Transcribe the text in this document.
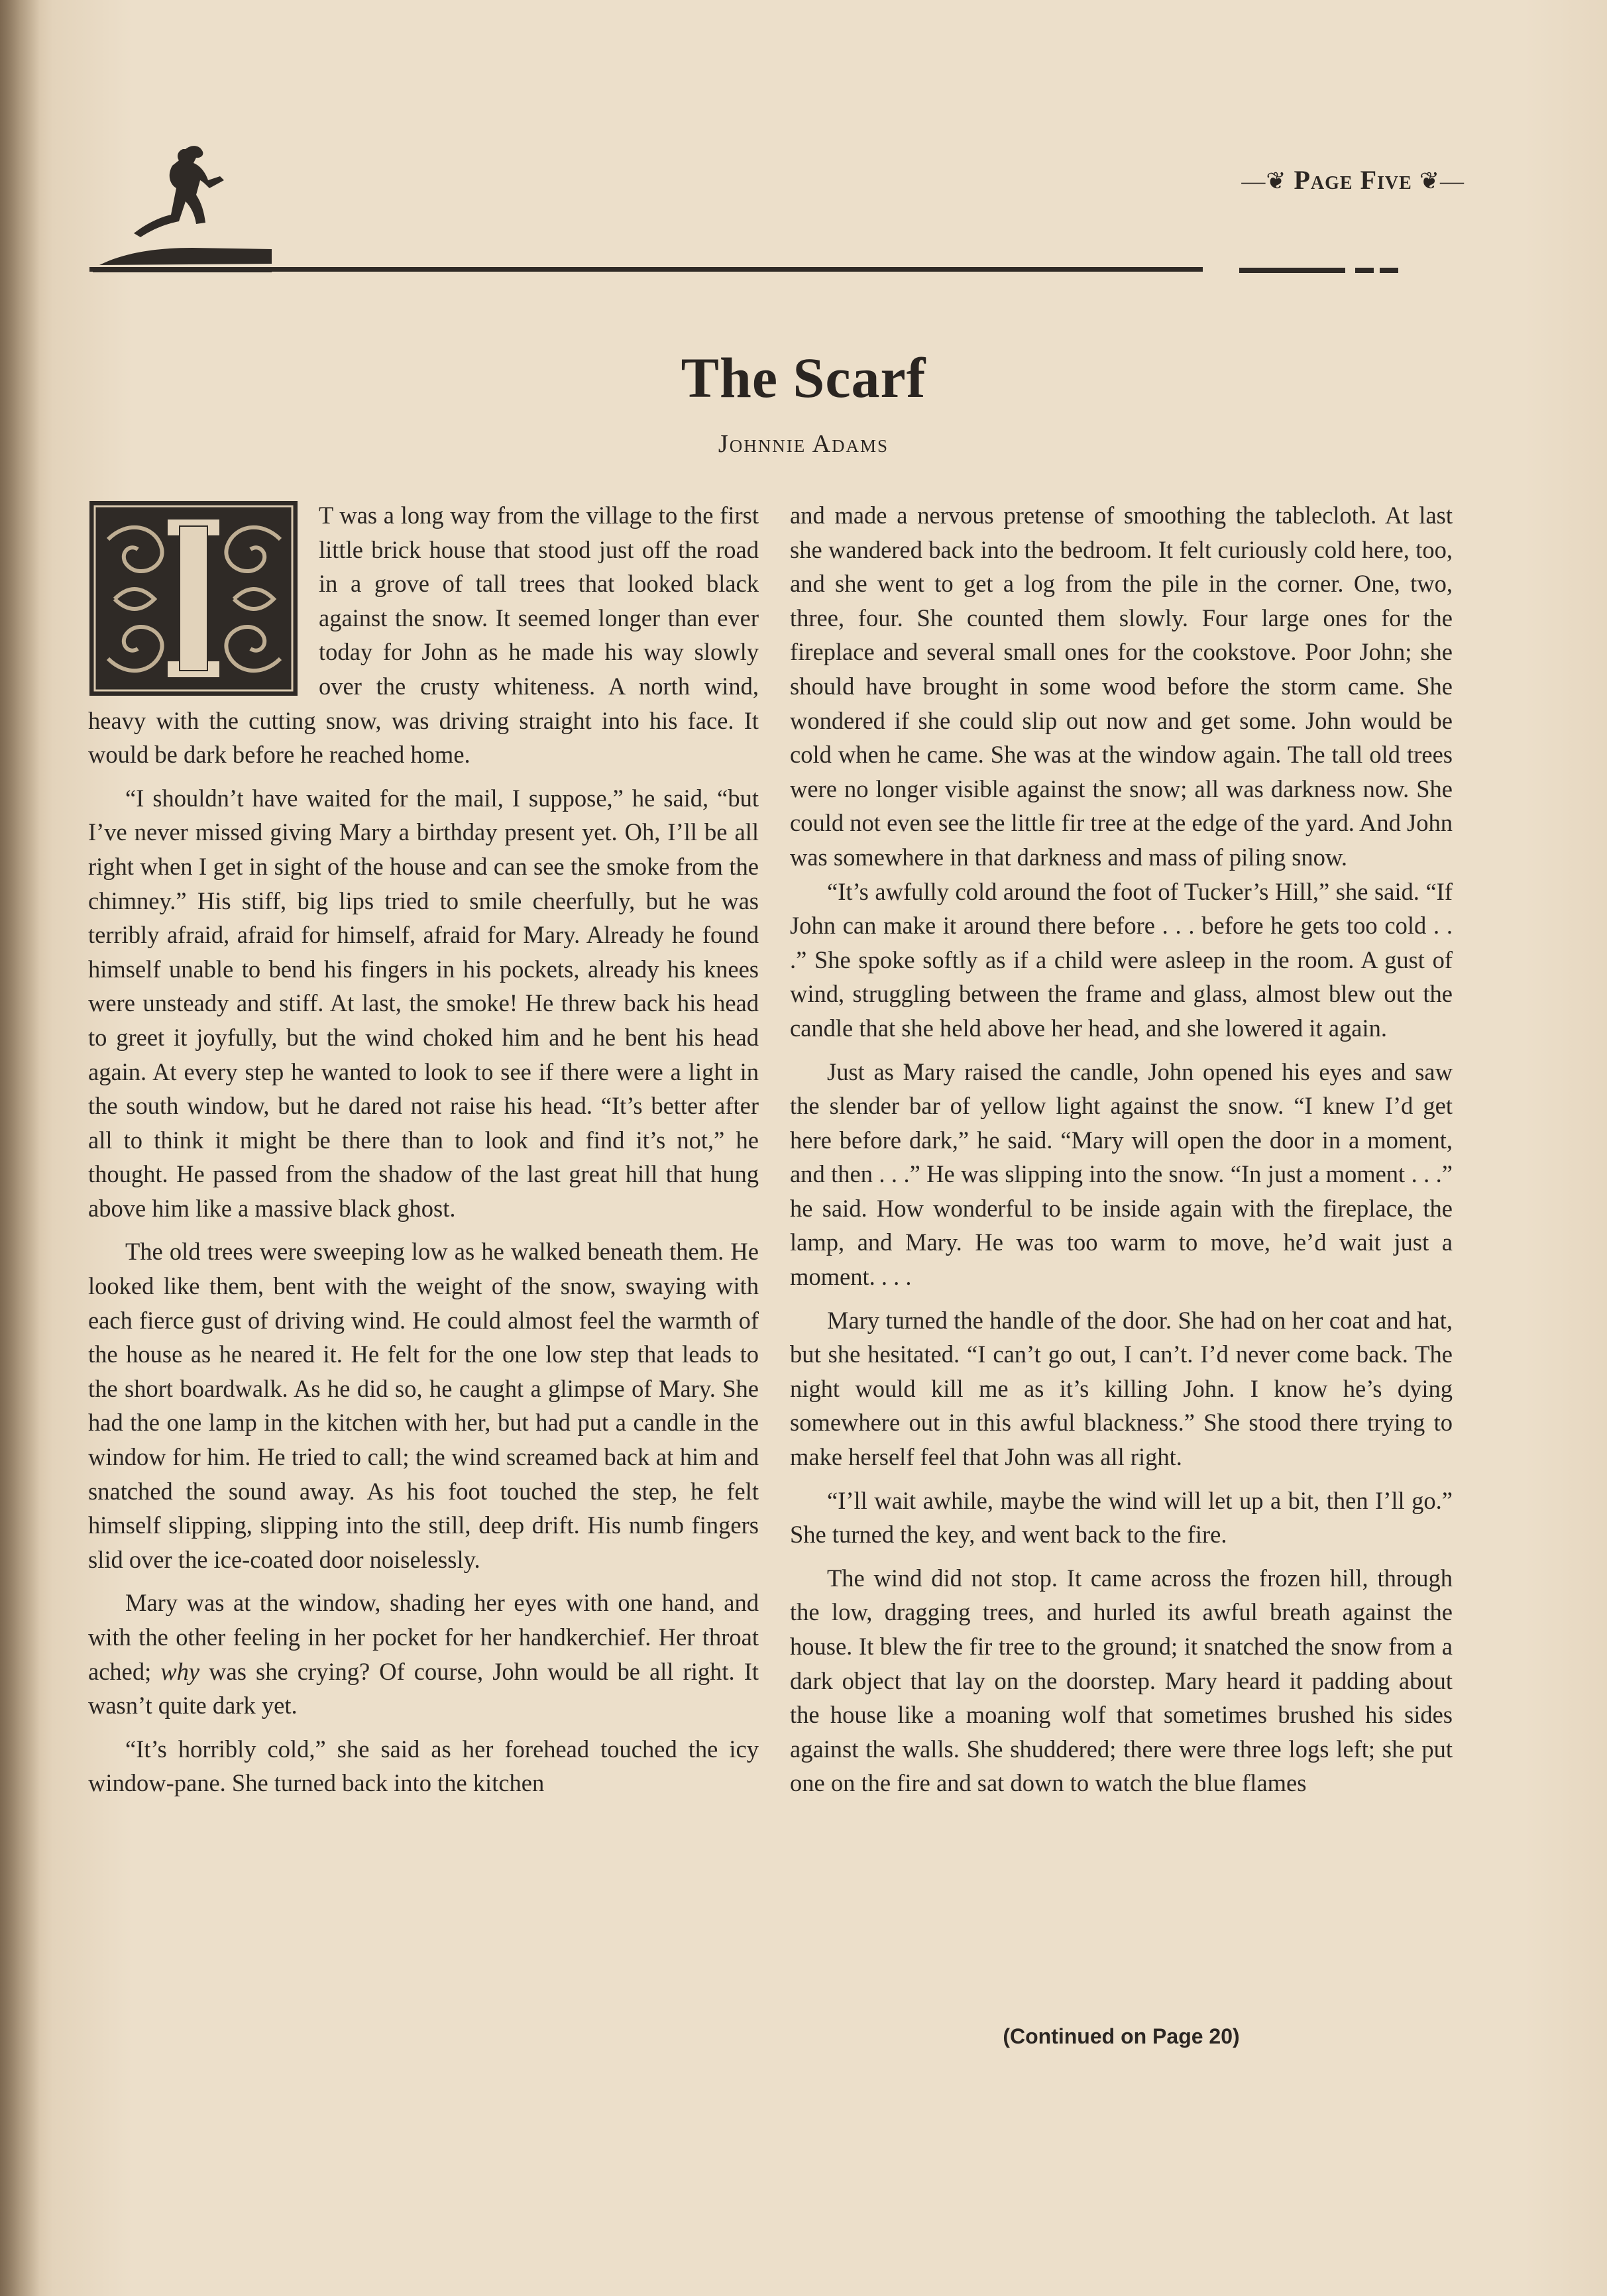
—❦ Page Five ❦—
The Scarf
Johnnie Adams
I

T was a long way from the village to the first little brick house that stood just off the road in a grove of tall trees that looked black against the snow. It seemed longer than ever today for John as he made his way slowly over the crusty whiteness. A north wind, heavy with the cutting snow, was driving straight into his face. It would be dark before he reached home.

“I shouldn’t have waited for the mail, I suppose,” he said, “but I’ve never missed giving Mary a birthday present yet. Oh, I’ll be all right when I get in sight of the house and can see the smoke from the chimney.” His stiff, big lips tried to smile cheerfully, but he was terribly afraid, afraid for himself, afraid for Mary. Already he found himself unable to bend his fingers in his pockets, already his knees were unsteady and stiff. At last, the smoke! He threw back his head to greet it joyfully, but the wind choked him and he bent his head again. At every step he wanted to look to see if there were a light in the south window, but he dared not raise his head. “It’s better after all to think it might be there than to look and find it’s not,” he thought. He passed from the shadow of the last great hill that hung above him like a massive black ghost.

The old trees were sweeping low as he walked beneath them. He looked like them, bent with the weight of the snow, swaying with each fierce gust of driving wind. He could almost feel the warmth of the house as he neared it. He felt for the one low step that leads to the short boardwalk. As he did so, he caught a glimpse of Mary. She had the one lamp in the kitchen with her, but had put a candle in the window for him. He tried to call; the wind screamed back at him and snatched the sound away. As his foot touched the step, he felt himself slipping, slipping into the still, deep drift. His numb fingers slid over the ice-coated door noiselessly.

Mary was at the window, shading her eyes with one hand, and with the other feeling in her pocket for her handkerchief. Her throat ached; why was she crying? Of course, John would be all right. It wasn’t quite dark yet.

“It’s horribly cold,” she said as her forehead touched the icy window-pane. She turned back into the kitchen

and made a nervous pretense of smoothing the tablecloth. At last she wandered back into the bedroom. It felt curiously cold here, too, and she went to get a log from the pile in the corner. One, two, three, four. She counted them slowly. Four large ones for the fireplace and several small ones for the cookstove. Poor John; she should have brought in some wood before the storm came. She wondered if she could slip out now and get some. John would be cold when he came. She was at the window again. The tall old trees were no longer visible against the snow; all was darkness now. She could not even see the little fir tree at the edge of the yard. And John was somewhere in that darkness and mass of piling snow.

“It’s awfully cold around the foot of Tucker’s Hill,” she said. “If John can make it around there before . . . before he gets too cold . . .” She spoke softly as if a child were asleep in the room. A gust of wind, struggling between the frame and glass, almost blew out the candle that she held above her head, and she lowered it again.

Just as Mary raised the candle, John opened his eyes and saw the slender bar of yellow light against the snow. “I knew I’d get here before dark,” he said. “Mary will open the door in a moment, and then . . .” He was slipping into the snow. “In just a moment . . .” he said. How wonderful to be inside again with the fireplace, the lamp, and Mary. He was too warm to move, he’d wait just a moment. . . .

Mary turned the handle of the door. She had on her coat and hat, but she hesitated. “I can’t go out, I can’t. I’d never come back. The night would kill me as it’s killing John. I know he’s dying somewhere out in this awful blackness.” She stood there trying to make herself feel that John was all right.

“I’ll wait awhile, maybe the wind will let up a bit, then I’ll go.” She turned the key, and went back to the fire.

The wind did not stop. It came across the frozen hill, through the low, dragging trees, and hurled its awful breath against the house. It blew the fir tree to the ground; it snatched the snow from a dark object that lay on the doorstep. Mary heard it padding about the house like a moaning wolf that sometimes brushed his sides against the walls. She shuddered; there were three logs left; she put one on the fire and sat down to watch the blue flames

(Continued on Page 20)
